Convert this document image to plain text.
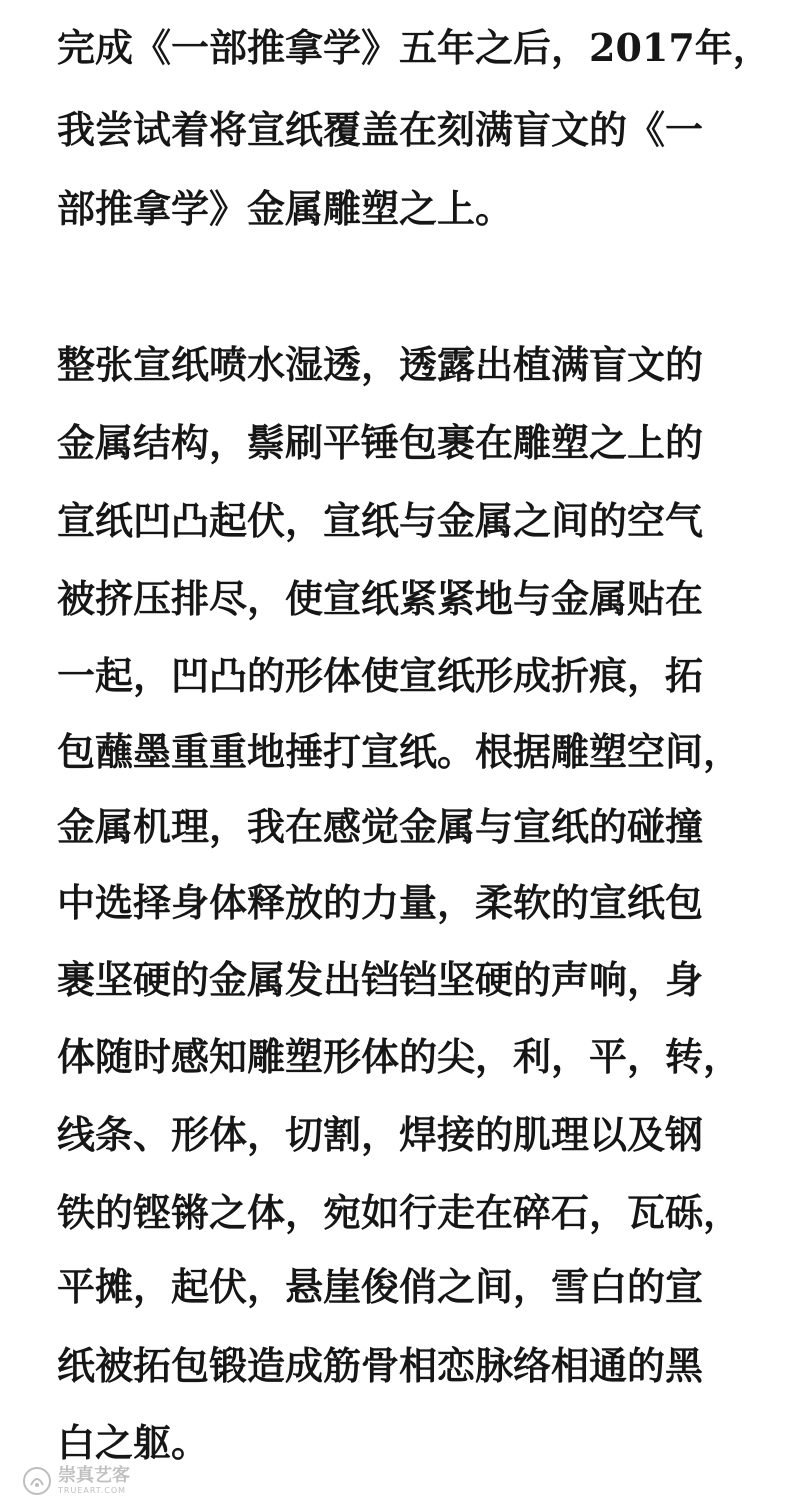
完成《一部推拿学》五年之后，2017年，
我尝试着将宣纸覆盖在刻满盲文的《一
部推拿学》金属雕塑之上。
整张宣纸喷水湿透，透露出植满盲文的
金属结构，鬃刷平锤包裹在雕塑之上的
宣纸凹凸起伏，宣纸与金属之间的空气
被挤压排尽，使宣纸紧紧地与金属贴在
一起，凹凸的形体使宣纸形成折痕，拓
包蘸墨重重地捶打宣纸。根据雕塑空间，
金属机理，我在感觉金属与宣纸的碰撞
中选择身体释放的力量，柔软的宣纸包
裹坚硬的金属发出铛铛坚硬的声响，身
体随时感知雕塑形体的尖，利，平，转，
线条、形体，切割，焊接的肌理以及钢
铁的铿锵之体，宛如行走在碎石，瓦砾，
平摊，起伏，悬崖俊俏之间，雪白的宣
纸被拓包锻造成筋骨相恋脉络相通的黑
白之躯。
崇真艺客
TRUEART.COM
